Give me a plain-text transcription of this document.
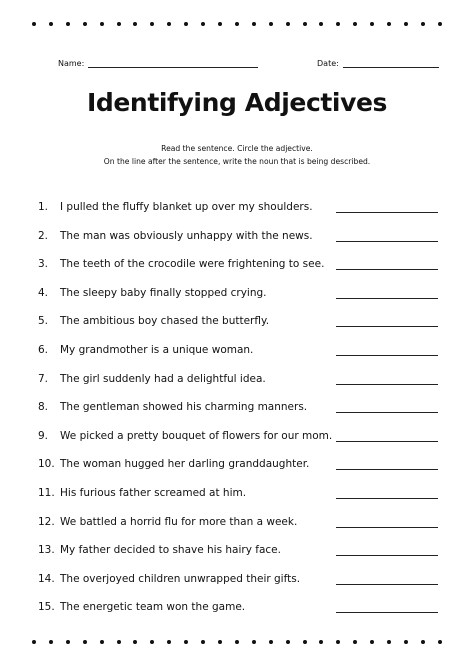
Name:	Date:
Identifying Adjectives
Read the sentence. Circle the adjective.
On the line after the sentence, write the noun that is being described.
1. I pulled the fluffy blanket up over my shoulders.
2. The man was obviously unhappy with the news.
3. The teeth of the crocodile were frightening to see.
4. The sleepy baby finally stopped crying.
5. The ambitious boy chased the butterfly.
6. My grandmother is a unique woman.
7. The girl suddenly had a delightful idea.
8. The gentleman showed his charming manners.
9. We picked a pretty bouquet of flowers for our mom.
10. The woman hugged her darling granddaughter.
11. His furious father screamed at him.
12. We battled a horrid flu for more than a week.
13. My father decided to shave his hairy face.
14. The overjoyed children unwrapped their gifts.
15. The energetic team won the game.
